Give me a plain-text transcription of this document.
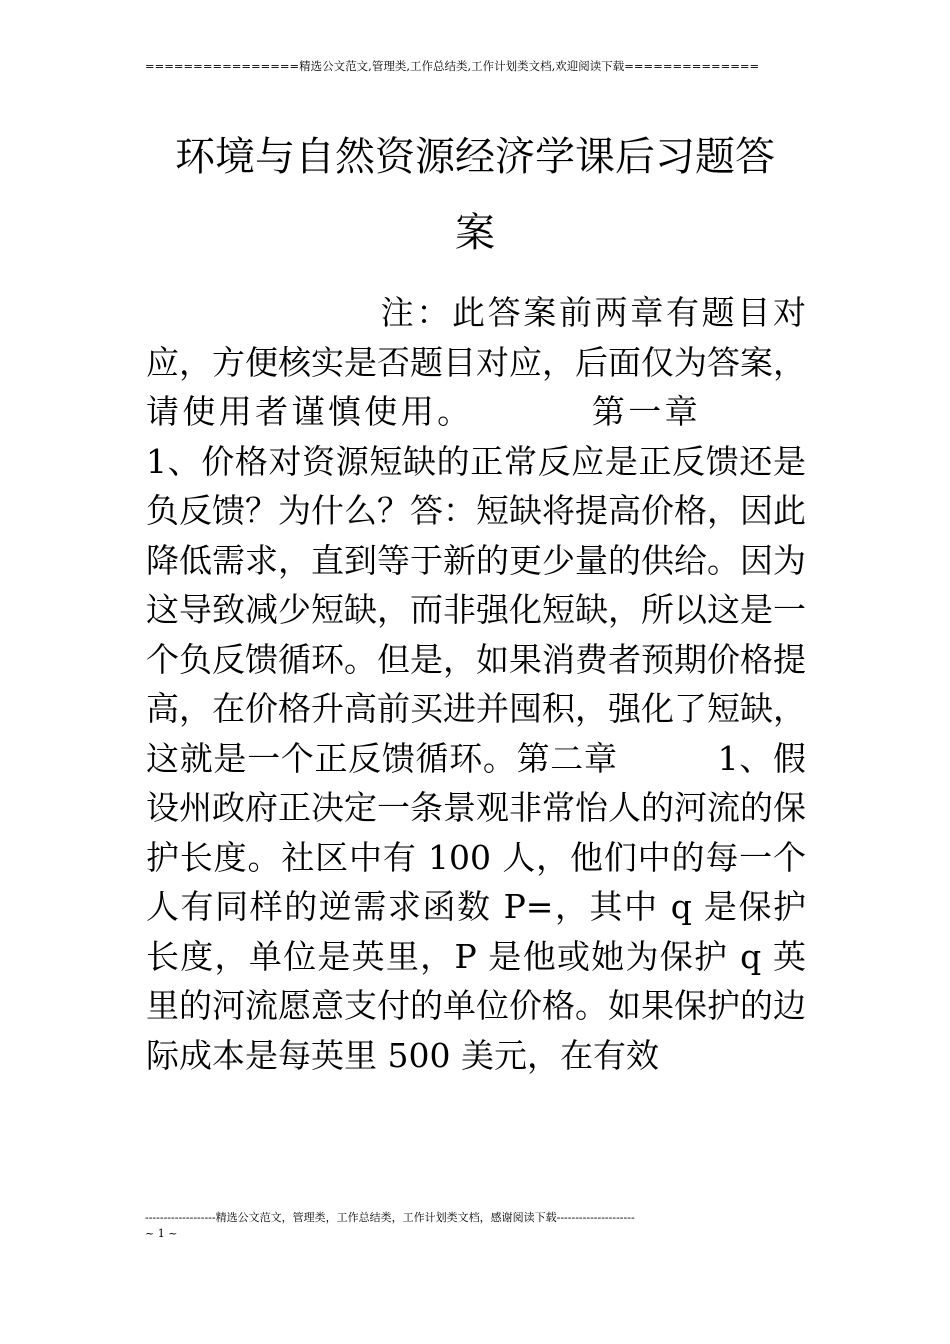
================精选公文范文,管理类,工作总结类,工作计划类文档,欢迎阅读下载==============
环境与自然资源经济学课后习题答
案
注：此答案前两章有题目对应，方便核实是否题目对应，后面仅为答案，请使用者谨慎使用。	第一章1、价格对资源短缺的正常反应是正反馈还是负反馈？为什么？答：短缺将提高价格，因此降低需求，直到等于新的更少量的供给。因为这导致减少短缺，而非强化短缺，所以这是一个负反馈循环。但是，如果消费者预期价格提高，在价格升高前买进并囤积，强化了短缺，这就是一个正反馈循环。第二章	1、假设州政府正决定一条景观非常怡人的河流的保护长度。社区中有 100 人，他们中的每一个人有同样的逆需求函数 P=，其中 q 是保护长度，单位是英里，P 是他或她为保护 q 英里的河流愿意支付的单位价格。如果保护的边际成本是每英里 500 美元，在有效
-------------------精选公文范文，管理类，工作总结类，工作计划类文档，感谢阅读下载---------------------
~ 1 ~
